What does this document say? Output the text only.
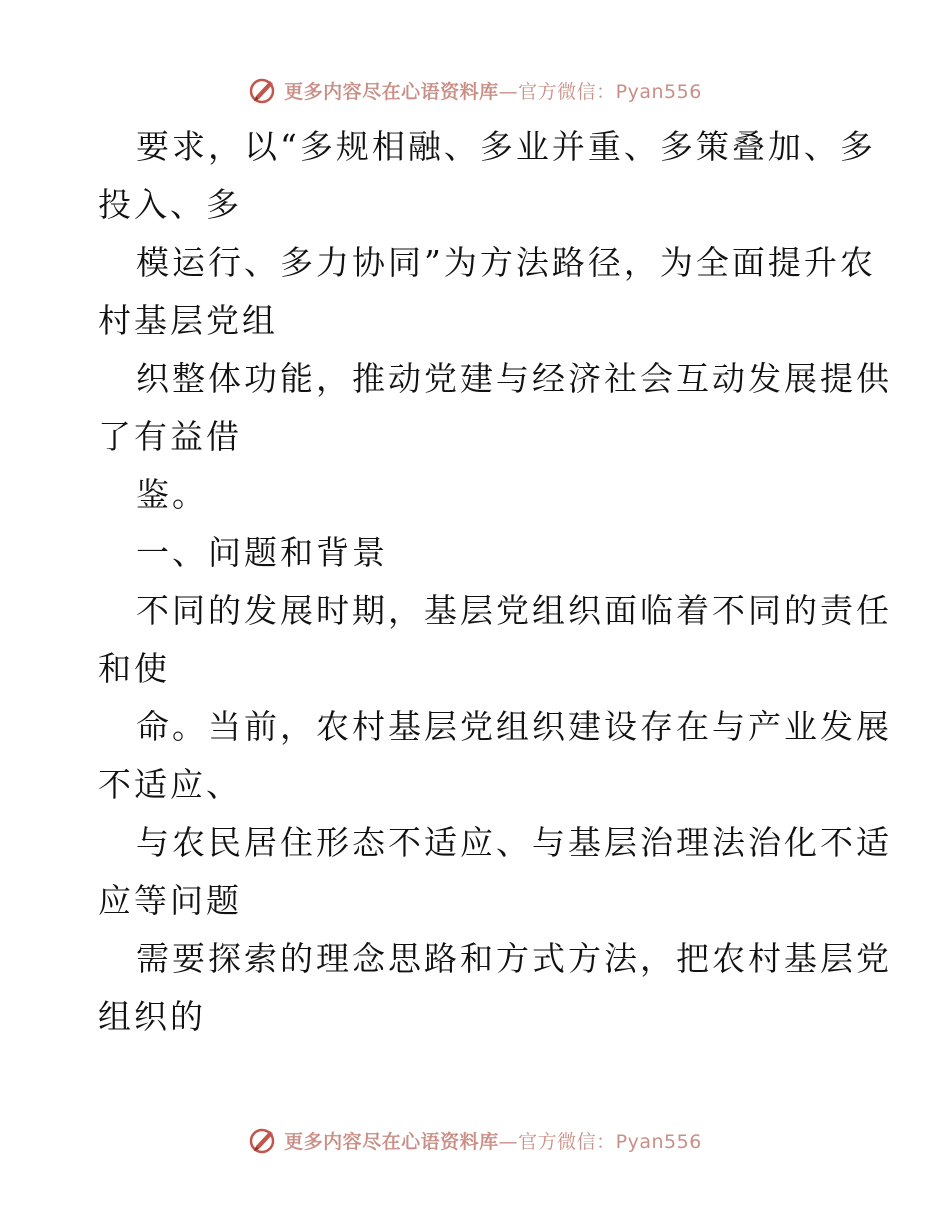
更多内容尽在心语资料库—官方微信：Pyan556
要求，以“多规相融、多业并重、多策叠加、多
投入、多
模运行、多力协同”为方法路径，为全面提升农
村基层党组
织整体功能，推动党建与经济社会互动发展提供
了有益借
鉴。
一、问题和背景
不同的发展时期，基层党组织面临着不同的责任
和使
命。当前，农村基层党组织建设存在与产业发展
不适应、
与农民居住形态不适应、与基层治理法治化不适
应等问题
需要探索的理念思路和方式方法，把农村基层党
组织的
更多内容尽在心语资料库—官方微信：Pyan556
